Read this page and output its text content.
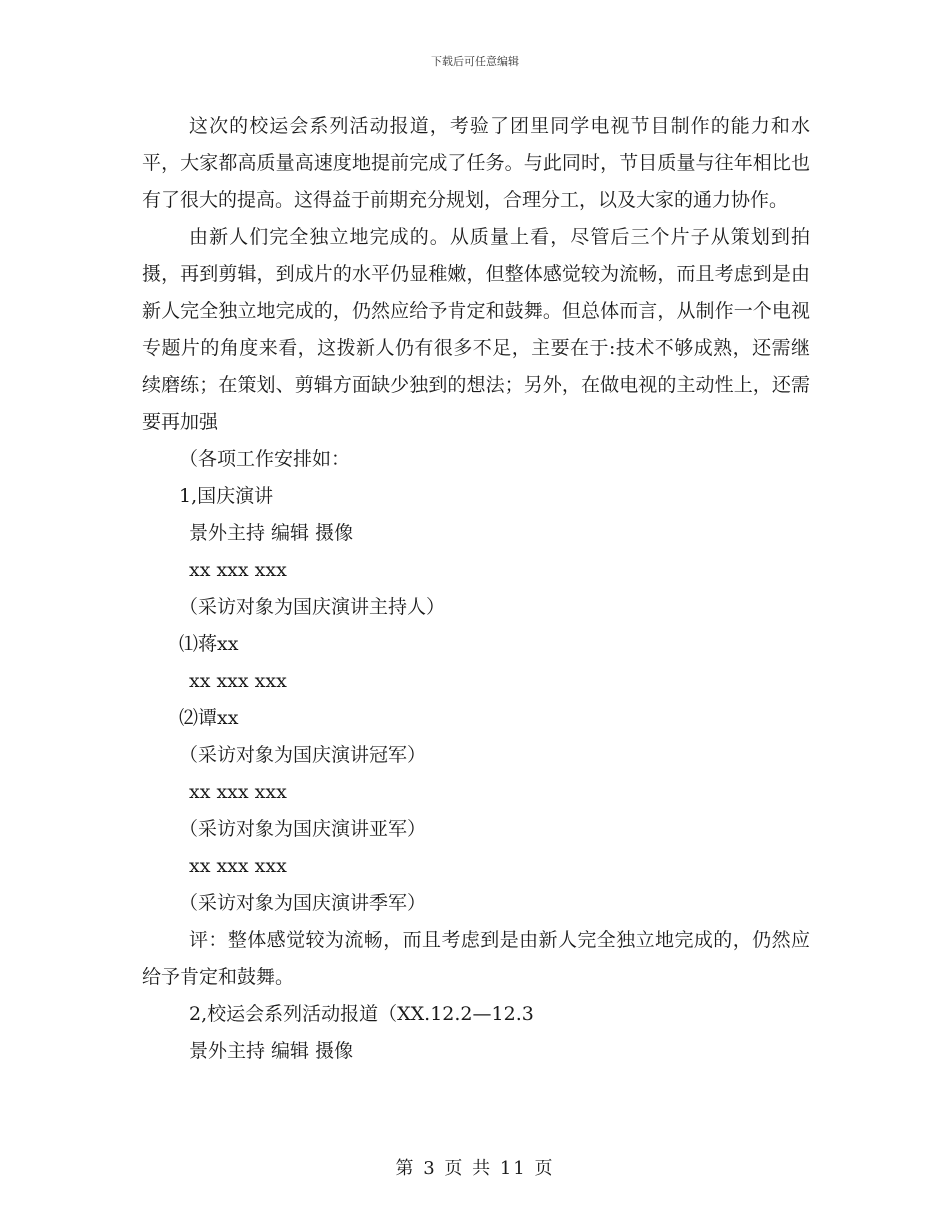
下载后可任意编辑

这次的校运会系列活动报道，考验了团里同学电视节目制作的能力和水平，大家都高质量高速度地提前完成了任务。与此同时，节目质量与往年相比也有了很大的提高。这得益于前期充分规划，合理分工，以及大家的通力协作。

由新人们完全独立地完成的。从质量上看，尽管后三个片子从策划到拍摄，再到剪辑，到成片的水平仍显稚嫩，但整体感觉较为流畅，而且考虑到是由新人完全独立地完成的，仍然应给予肯定和鼓舞。但总体而言，从制作一个电视专题片的角度来看，这拨新人仍有很多不足，主要在于:技术不够成熟，还需继续磨练；在策划、剪辑方面缺少独到的想法；另外，在做电视的主动性上，还需要再加强

（各项工作安排如：

1,国庆演讲

景外主持 编辑 摄像

xx xxx xxx

（采访对象为国庆演讲主持人）

⑴蒋xx

xx xxx xxx

⑵谭xx

（采访对象为国庆演讲冠军）

xx xxx xxx

（采访对象为国庆演讲亚军）

xx xxx xxx

（采访对象为国庆演讲季军）

评：整体感觉较为流畅，而且考虑到是由新人完全独立地完成的，仍然应给予肯定和鼓舞。

2,校运会系列活动报道（XX.12.2—12.3

景外主持 编辑 摄像

第 3 页 共 11 页
